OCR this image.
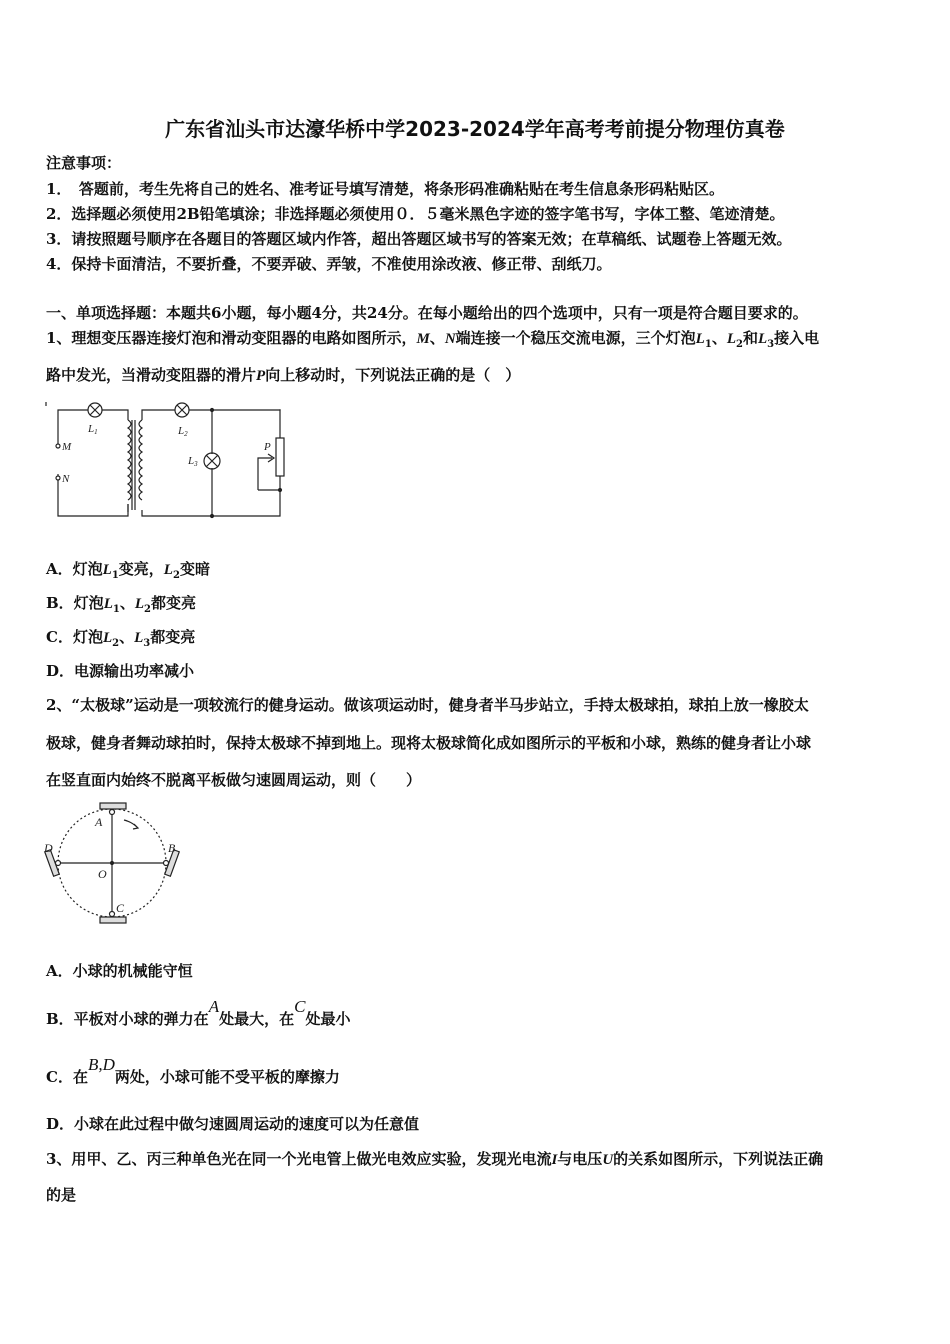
广东省汕头市达濠华桥中学2023-2024学年高考考前提分物理仿真卷
注意事项：
1．　答题前，考生先将自己的姓名、准考证号填写清楚，将条形码准确粘贴在考生信息条形码粘贴区。
2．选择题必须使用2B铅笔填涂；非选择题必须使用０．５毫米黑色字迹的签字笔书写，字体工整、笔迹清楚。
3．请按照题号顺序在各题目的答题区域内作答，超出答题区域书写的答案无效；在草稿纸、试题卷上答题无效。
4．保持卡面清洁，不要折叠，不要弄破、弄皱，不准使用涂改液、修正带、刮纸刀。
一、单项选择题：本题共6小题，每小题4分，共24分。在每小题给出的四个选项中，只有一项是符合题目要求的。
1、理想变压器连接灯泡和滑动变阻器的电路如图所示，M、N端连接一个稳压交流电源，三个灯泡$L_1$、$L_2$和$L_3$接入电
路中发光，当滑动变阻器的滑片P向上移动时，下列说法正确的是（　）
L1	L2
L3
M
N
P
A．灯泡$L_1$变亮，$L_2$变暗
B．灯泡$L_1$、$L_2$都变亮
C．灯泡$L_2$、$L_3$都变亮
D．电源输出功率减小
2、“太极球”运动是一项较流行的健身运动。做该项运动时，健身者半马步站立，手持太极球拍，球拍上放一橡胶太
极球，健身者舞动球拍时，保持太极球不掉到地上。现将太极球简化成如图所示的平板和小球，熟练的健身者让小球
在竖直面内始终不脱离平板做匀速圆周运动，则（　　）
A
B
C
D
O
A．小球的机械能守恒
B．平板对小球的弹力在A处最大，在C处最小
C．在B,D两处，小球可能不受平板的摩擦力
D．小球在此过程中做匀速圆周运动的速度可以为任意值
3、用甲、乙、丙三种单色光在同一个光电管上做光电效应实验，发现光电流I与电压U的关系如图所示，下列说法正确
的是
